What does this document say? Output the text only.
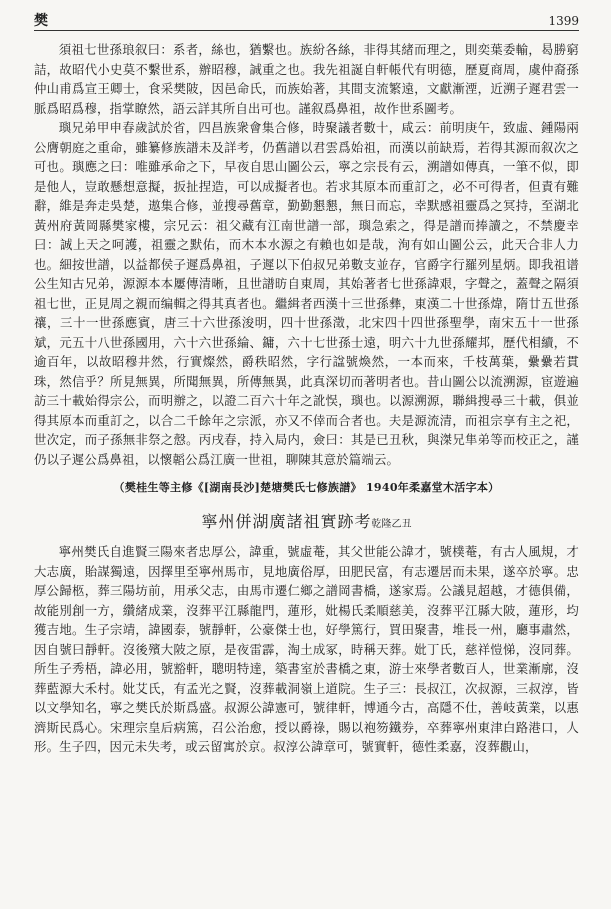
樊	1399

須祖七世孫琅叙曰：系者，絲也，猶繫也。族紛各絲，非得其緒而理之，則奕葉委輸，曷勝窮詰，故昭代小史莫不繫世系，辦昭穆，誠重之也。我先祖誕自軒帳代有明德，歷夏商周，虞仲裔孫仲山甫爲宣王卿士，食采樊陂，因邑命氏，而族始著，其間支流繁遠，文獻漸湮，近溯子遲君雲一脈爲昭爲穆，指掌瞭然，語云詳其所自出可也。謹叙爲鼻祖，故作世系圖考。

璵兄弟甲申春歲試於省，四昌族衆會集合修，時聚議者數十，咸云：前明庚午，致虛、鍾陽兩公膺朝庭之重命，雖纂修族譜未及詳考，仍舊譜以君雲爲始祖，而漢以前缺焉，若得其源而叙次之可也。璵應之曰：唯雖承命之下，早夜自思山圖公云，寧之宗長有云，溯譜如傳真，一筆不似，即是他人，豈敢懸想意擬，扳扯捏造，可以成擬者也。若求其原本而重訂之，必不可得者，但責有難辭，維是奔走吳楚，遨集合修，並搜尋舊章，勤勤懇懇，無日而忘，幸默感祖靈爲之冥持，至湖北黃州府黃岡縣樊家樓，宗兄云：祖父藏有江南世譜一部，璵急索之，得是譜而捧讀之，不禁慶幸曰：誠上天之呵護，祖靈之默佑，而木本水源之有賴也如是哉，洵有如山圖公云，此天合非人力也。細按世譜，以益都侯子遲爲鼻祖，子遲以下伯叔兄弟數支並存，官爵字行羅列星炳。即我祖谱公生知古兄弟，源源本本屢傳清晰，且世譜昉自東周，其始著者七世孫諱艰，字聲之，蓋聲之隔須祖七世，正見周之親而编輯之得其真者也。繼緝者西漢十三世孫彝，東漢二十世孫煒，隋廿五世孫禳，三十一世孫應賓，唐三十六世孫浚明，四十世孫澂，北宋四十四世孫聖學，南宋五十一世孫斌，元五十八世孫國用，六十六世孫綸、鏞，六十七世孫士遠，明六十九世孫耀邦，歷代相續，不逾百年，以故昭穆井然，行實燦然，爵秩昭然，字行諡號煥然，一本而來，千枝萬葉，纍纍若貫珠，然信乎？所見無異，所聞無異，所傳無異，此真深切而著明者也。昔山圖公以流溯源，宦遊遍訪三十載始得宗公，而明辦之，以證二百六十年之訛悮，璵也。以源溯源，聯緝搜尋三十載，俱並得其原本而重訂之，以合二千餘年之宗派，亦又不倖而合者也。夫是源流清，而祖宗享有主之祀，世次定，而子孫無非祭之慤。丙戌春，持入局内，僉曰：其是已丑秋，與滐兄隼弟等而校正之，謹仍以子遲公爲鼻祖，以懷韜公爲江廣一世祖，聊陳其意於篇端云。

（樊桂生等主修《[湖南長沙]楚塘樊氏七修族譜》 1940年柔嘉堂木活字本）

寧州併湖廣諸祖實跡考乾隆乙丑

寧州樊氏自進賢三陽來者忠厚公，諱重，號虛菴，其父世能公諱才，號樸菴，有古人風規，才大志廣，貽謀獨遠，因擇里至寧州馬市，見地廣俗厚，田肥民富，有志遷居而未果，遂卒於寧。忠厚公歸柩，葬三陽坊前，用承父志，由馬市遷仁鄉之譜岡書橋，遂家焉。公議見超越，才德俱備，故能別創一方，纘緒成業，沒葬平江縣龍門，蓮形，妣楊氏柔順慈美，沒葬平江縣大陂，蓮形，均獲吉地。生子宗靖，諱國泰，號靜軒，公豪傑士也，好學篤行，買田聚書，堆長一州，廳事肅然，因自號曰靜軒。沒後殯大陂之原，是夜雷霹，淘土成冢，時稱天葬。妣丁氏，慈祥愷悌，沒同葬。所生子秀梧，諱必用，號豁軒，聰明特達，築書室於書橋之東，游士來學者數百人，世業漸廓，沒葬藍源大禾村。妣艾氏，有孟光之賢，沒葬載洞嶺上道院。生子三：長叔江，次叔源，三叔淳，皆以文學知名，寧之樊氏於斯爲盛。叔源公諱憲可，號律軒，博通今古，高隱不仕，善岐黃業，以惠濟斯民爲心。宋理宗皇后病篤，召公治愈，授以爵祿，賜以袍笏鐵券，卒葬寧州東津白路港口，人形。生子四，因元未失考，或云留寓於京。叔淳公諱章可，號實軒，德性柔嘉，沒葬觀山，
